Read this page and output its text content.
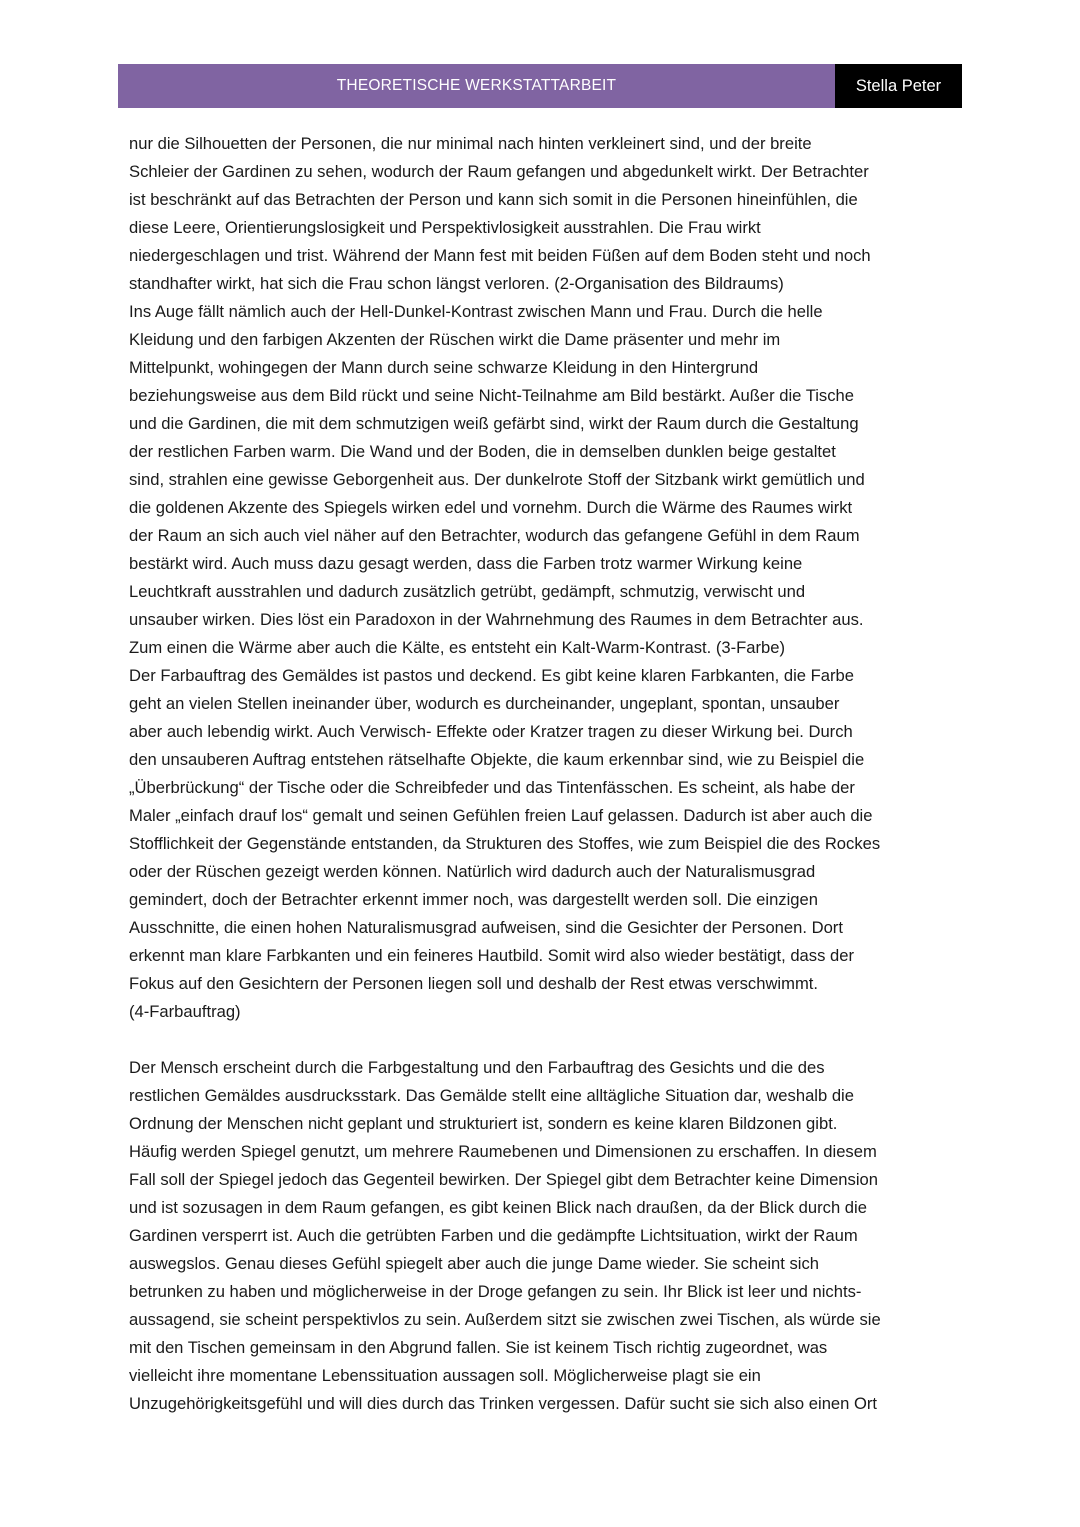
THEORETISCHE WERKSTATTARBEIT	Stella Peter

nur die Silhouetten der Personen, die nur minimal nach hinten verkleinert sind, und der breite

Schleier der Gardinen zu sehen, wodurch der Raum gefangen und abgedunkelt wirkt. Der Betrachter

ist beschränkt auf das Betrachten der Person und kann sich somit in die Personen hineinfühlen, die

diese Leere, Orientierungslosigkeit und Perspektivlosigkeit ausstrahlen. Die Frau wirkt

niedergeschlagen und trist. Während der Mann fest mit beiden Füßen auf dem Boden steht und noch

standhafter wirkt, hat sich die Frau schon längst verloren. (2-Organisation des Bildraums)

Ins Auge fällt nämlich auch der Hell-Dunkel-Kontrast zwischen Mann und Frau. Durch die helle

Kleidung und den farbigen Akzenten der Rüschen wirkt die Dame präsenter und mehr im

Mittelpunkt, wohingegen der Mann durch seine schwarze Kleidung in den Hintergrund

beziehungsweise aus dem Bild rückt und seine Nicht-Teilnahme am Bild bestärkt. Außer die Tische

und die Gardinen, die mit dem schmutzigen weiß gefärbt sind, wirkt der Raum durch die Gestaltung

der restlichen Farben warm. Die Wand und der Boden, die in demselben dunklen beige gestaltet

sind, strahlen eine gewisse Geborgenheit aus. Der dunkelrote Stoff der Sitzbank wirkt gemütlich und

die goldenen Akzente des Spiegels wirken edel und vornehm. Durch die Wärme des Raumes wirkt

der Raum an sich auch viel näher auf den Betrachter, wodurch das gefangene Gefühl in dem Raum

bestärkt wird. Auch muss dazu gesagt werden, dass die Farben trotz warmer Wirkung keine

Leuchtkraft ausstrahlen und dadurch zusätzlich getrübt, gedämpft, schmutzig, verwischt und

unsauber wirken. Dies löst ein Paradoxon in der Wahrnehmung des Raumes in dem Betrachter aus.

Zum einen die Wärme aber auch die Kälte, es entsteht ein Kalt-Warm-Kontrast. (3-Farbe)

Der Farbauftrag des Gemäldes ist pastos und deckend. Es gibt keine klaren Farbkanten, die Farbe

geht an vielen Stellen ineinander über, wodurch es durcheinander, ungeplant, spontan, unsauber

aber auch lebendig wirkt. Auch Verwisch- Effekte oder Kratzer tragen zu dieser Wirkung bei. Durch

den unsauberen Auftrag entstehen rätselhafte Objekte, die kaum erkennbar sind, wie zu Beispiel die

„Überbrückung“ der Tische oder die Schreibfeder und das Tintenfässchen. Es scheint, als habe der

Maler „einfach drauf los“ gemalt und seinen Gefühlen freien Lauf gelassen. Dadurch ist aber auch die

Stofflichkeit der Gegenstände entstanden, da Strukturen des Stoffes, wie zum Beispiel die des Rockes

oder der Rüschen gezeigt werden können. Natürlich wird dadurch auch der Naturalismusgrad

gemindert, doch der Betrachter erkennt immer noch, was dargestellt werden soll. Die einzigen

Ausschnitte, die einen hohen Naturalismusgrad aufweisen, sind die Gesichter der Personen. Dort

erkennt man klare Farbkanten und ein feineres Hautbild. Somit wird also wieder bestätigt, dass der

Fokus auf den Gesichtern der Personen liegen soll und deshalb der Rest etwas verschwimmt.

(4-Farbauftrag)

Der Mensch erscheint durch die Farbgestaltung und den Farbauftrag des Gesichts und die des

restlichen Gemäldes ausdrucksstark. Das Gemälde stellt eine alltägliche Situation dar, weshalb die

Ordnung der Menschen nicht geplant und strukturiert ist, sondern es keine klaren Bildzonen gibt.

Häufig werden Spiegel genutzt, um mehrere Raumebenen und Dimensionen zu erschaffen. In diesem

Fall soll der Spiegel jedoch das Gegenteil bewirken. Der Spiegel gibt dem Betrachter keine Dimension

und ist sozusagen in dem Raum gefangen, es gibt keinen Blick nach draußen, da der Blick durch die

Gardinen versperrt ist. Auch die getrübten Farben und die gedämpfte Lichtsituation, wirkt der Raum

auswegslos. Genau dieses Gefühl spiegelt aber auch die junge Dame wieder. Sie scheint sich

betrunken zu haben und möglicherweise in der Droge gefangen zu sein. Ihr Blick ist leer und nichts-

aussagend, sie scheint perspektivlos zu sein. Außerdem sitzt sie zwischen zwei Tischen, als würde sie

mit den Tischen gemeinsam in den Abgrund fallen. Sie ist keinem Tisch richtig zugeordnet, was

vielleicht ihre momentane Lebenssituation aussagen soll. Möglicherweise plagt sie ein

Unzugehörigkeitsgefühl und will dies durch das Trinken vergessen. Dafür sucht sie sich also einen Ort
